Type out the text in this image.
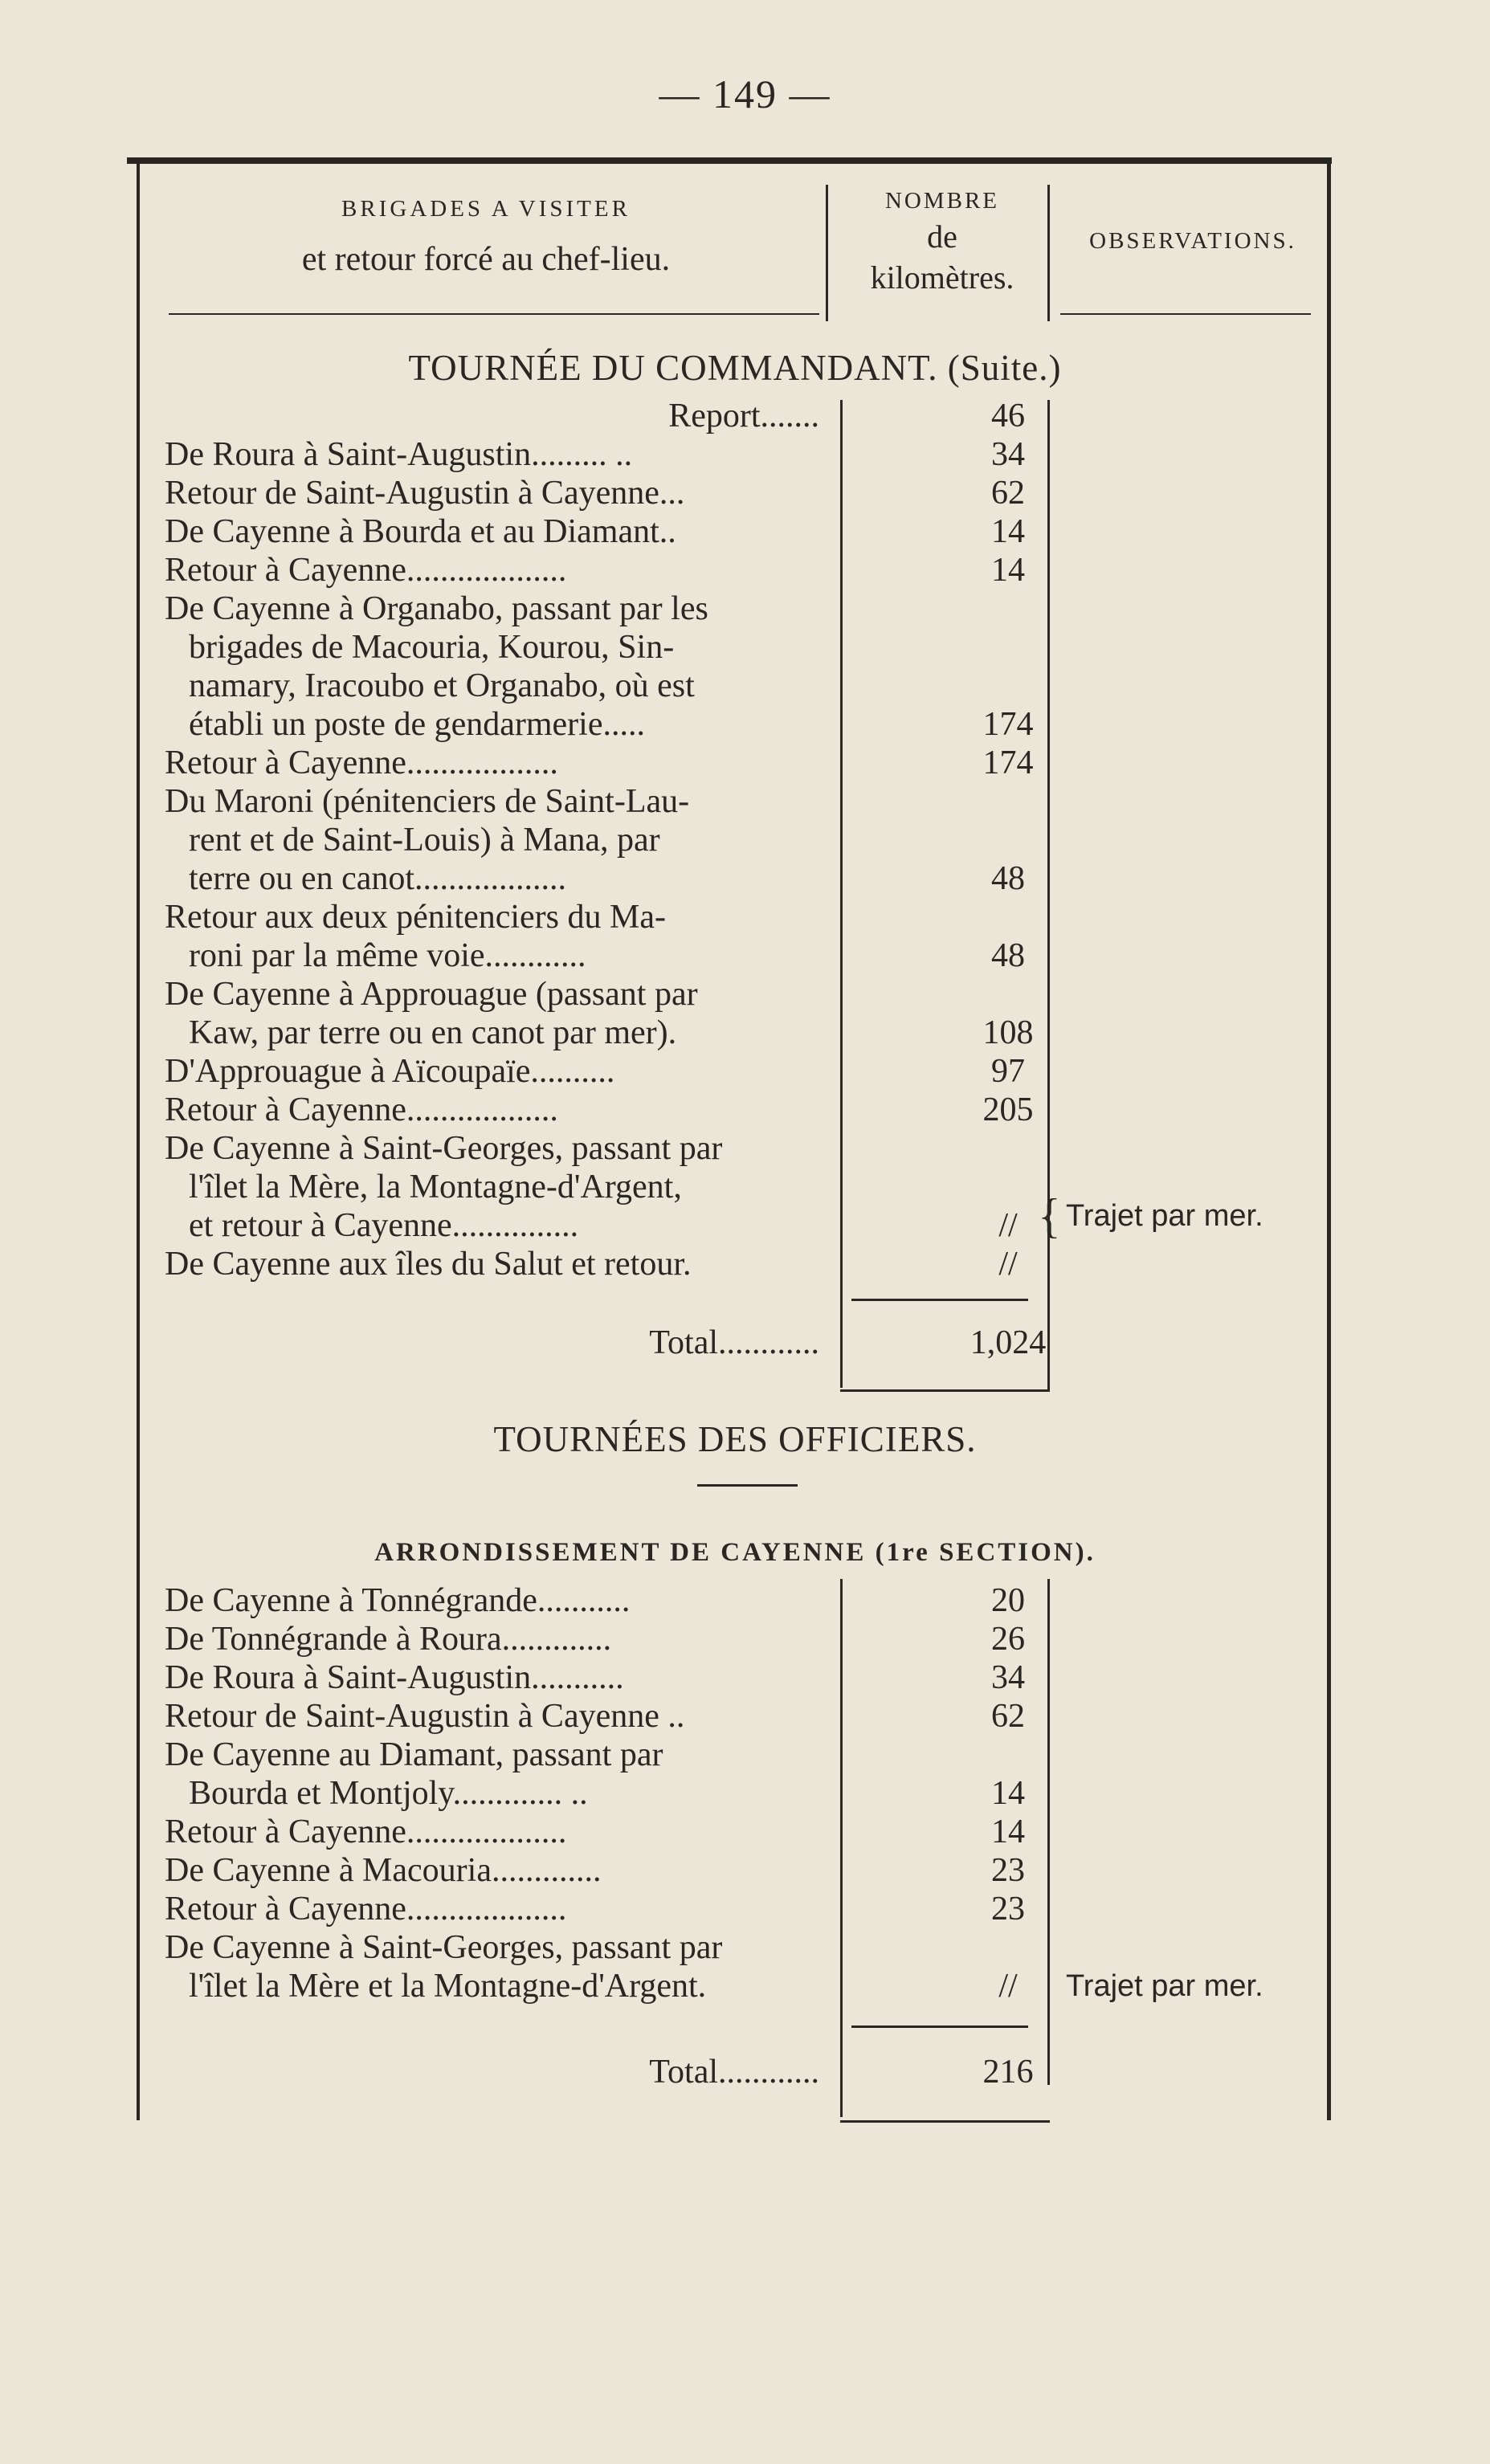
— 149 —
BRIGADES A VISITER
et retour forcé au chef-lieu.
NOMBRE
de
kilomètres.
OBSERVATIONS.
TOURNÉE DU COMMANDANT. (Suite.)
Report.......	46
De Roura à Saint-Augustin......... ..	34
Retour de Saint-Augustin à Cayenne...	62
De Cayenne à Bourda et au Diamant..	14
Retour à Cayenne...................	14
De Cayenne à Organabo, passant par les
brigades de Macouria, Kourou, Sin-
namary, Iracoubo et Organabo, où est
établi un poste de gendarmerie.....	174
Retour à Cayenne..................	174
Du Maroni (pénitenciers de Saint-Lau-
rent et de Saint-Louis) à Mana, par
terre ou en canot..................	48
Retour aux deux pénitenciers du Ma-
roni par la même voie............	48
De Cayenne à Approuague (passant par
Kaw, par terre ou en canot par mer).	108
D'Approuague à Aïcoupaïe..........	97
Retour à Cayenne..................	205
De Cayenne à Saint-Georges, passant par
l'îlet la Mère, la Montagne-d'Argent,
et retour à Cayenne...............	//
De Cayenne aux îles du Salut et retour.	//
{ Trajet par mer.
Total............	1,024
TOURNÉES DES OFFICIERS.
ARRONDISSEMENT DE CAYENNE (1re SECTION).
De Cayenne à Tonnégrande...........	20
De Tonnégrande à Roura.............	26
De Roura à Saint-Augustin...........	34
Retour de Saint-Augustin à Cayenne ..	62
De Cayenne au Diamant, passant par
Bourda et Montjoly............. ..	14
Retour à Cayenne...................	14
De Cayenne à Macouria.............	23
Retour à Cayenne...................	23
De Cayenne à Saint-Georges, passant par
l'îlet la Mère et la Montagne-d'Argent.	//	Trajet par mer.
Total............	216
